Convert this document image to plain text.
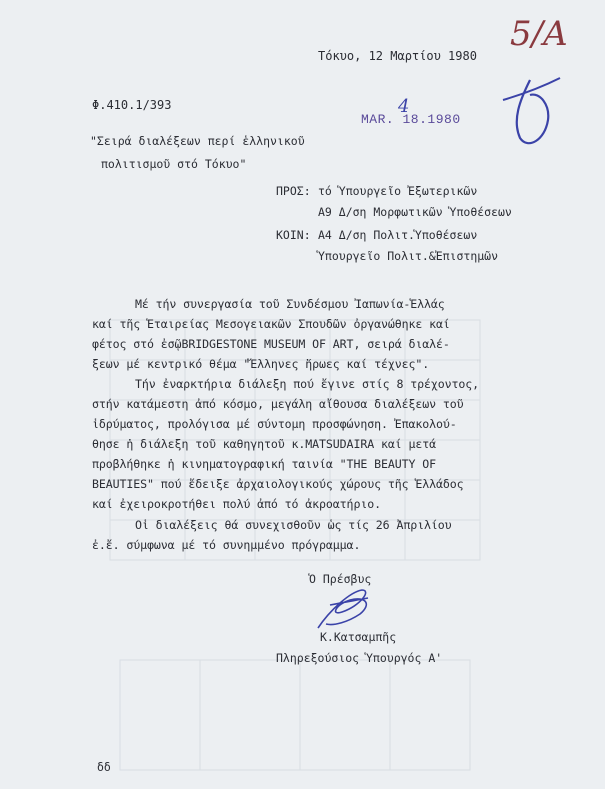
Τόκυο, 12 Μαρτίου 1980
Φ.410.1/393
5/A
4
MAR. 18.1980
"Σειρά διαλέξεων περί ἑλληνικοῦ
πολιτισμοῦ στό Τόκυο"
ΠΡΟΣ: τό Ὑπουργεῖο Ἐξωτερικῶν
Α9 Δ/ση Μορφωτικῶν Ὑποθέσεων
ΚΟΙΝ: Α4 Δ/ση Πολιτ.Ὑποθέσεων
Ὑπουργεῖο Πολιτ.&Ἐπιστημῶν
Μέ τήν συνεργασία τοῦ Συνδέσμου Ἰαπωνία-Ἑλλάς
καί τῆς Ἑταιρείας Μεσογειακῶν Σπουδῶν ὀργανώθηκε καί
φέτος στό ἐσῷBRIDGESTONE MUSEUM OF ART, σειρά διαλέ-
ξεων μέ κεντρικό θέμα "Ἕλληνες ἥρωες καί τέχνες".
Τήν ἐναρκτήρια διάλεξη πού ἔγινε στίς 8 τρέχοντος,
στήν κατάμεστη ἀπό κόσμο, μεγάλη αἴθουσα διαλέξεων τοῦ
ἱδρύματος, προλόγισα μέ σύντομη προσφώνηση. Ἐπακολού-
θησε ἡ διάλεξη τοῦ καθηγητοῦ κ.MATSUDAIRA καί μετά
προβλήθηκε ἡ κινηματογραφική ταινία "THE BEAUTY OF
BEAUTIES" πού ἔδειξε ἀρχαιολογικούς χώρους τῆς Ἑλλάδος
καί ἐχειροκροτήθει πολύ ἀπό τό ἀκροατήριο.
Οἱ διαλέξεις θά συνεχισθοῦν ὡς τίς 26 Ἀπριλίου
ἐ.ἔ. σύμφωνα μέ τό συνημμένο πρόγραμμα.
Ὁ Πρέσβυς
Κ.Κατσαμπῆς
Πληρεξούσιος Ὑπουργός Α'
δδ
